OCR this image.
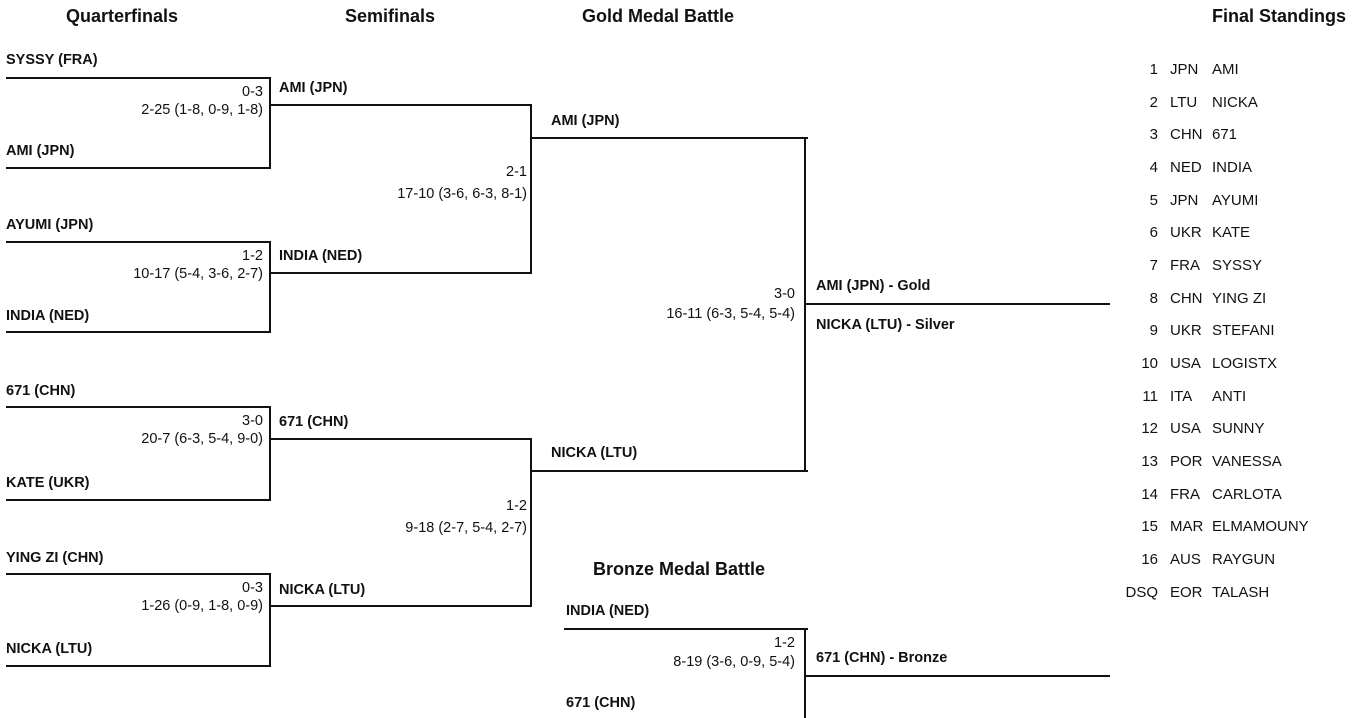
Quarterfinals	Semifinals	Gold Medal Battle
Bronze Medal Battle
Final Standings
SYSSY (FRA)
0-3
2-25 (1-8, 0-9, 1-8)
AMI (JPN)
AYUMI (JPN)
1-2
10-17 (5-4, 3-6, 2-7)
INDIA (NED)
671 (CHN)
3-0
20-7 (6-3, 5-4, 9-0)
KATE (UKR)
YING ZI (CHN)
0-3
1-26 (0-9, 1-8, 0-9)
NICKA (LTU)
AMI (JPN)
2-1
17-10 (3-6, 6-3, 8-1)
INDIA (NED)
671 (CHN)
1-2
9-18 (2-7, 5-4, 2-7)
NICKA (LTU)
AMI (JPN)
3-0
16-11 (6-3, 5-4, 5-4)
NICKA (LTU)
AMI (JPN) - Gold
NICKA (LTU) - Silver
INDIA (NED)
1-2
8-19 (3-6, 0-9, 5-4)
671 (CHN)
671 (CHN) - Bronze
1	JPN	AMI
2	LTU	NICKA
3	CHN	671
4	NED	INDIA
5	JPN	AYUMI
6	UKR	KATE
7	FRA	SYSSY
8	CHN	YING ZI
9	UKR	STEFANI
10	USA	LOGISTX
11	ITA	ANTI
12	USA	SUNNY
13	POR	VANESSA
14	FRA	CARLOTA
15	MAR	ELMAMOUNY
16	AUS	RAYGUN
DSQ	EOR	TALASH
